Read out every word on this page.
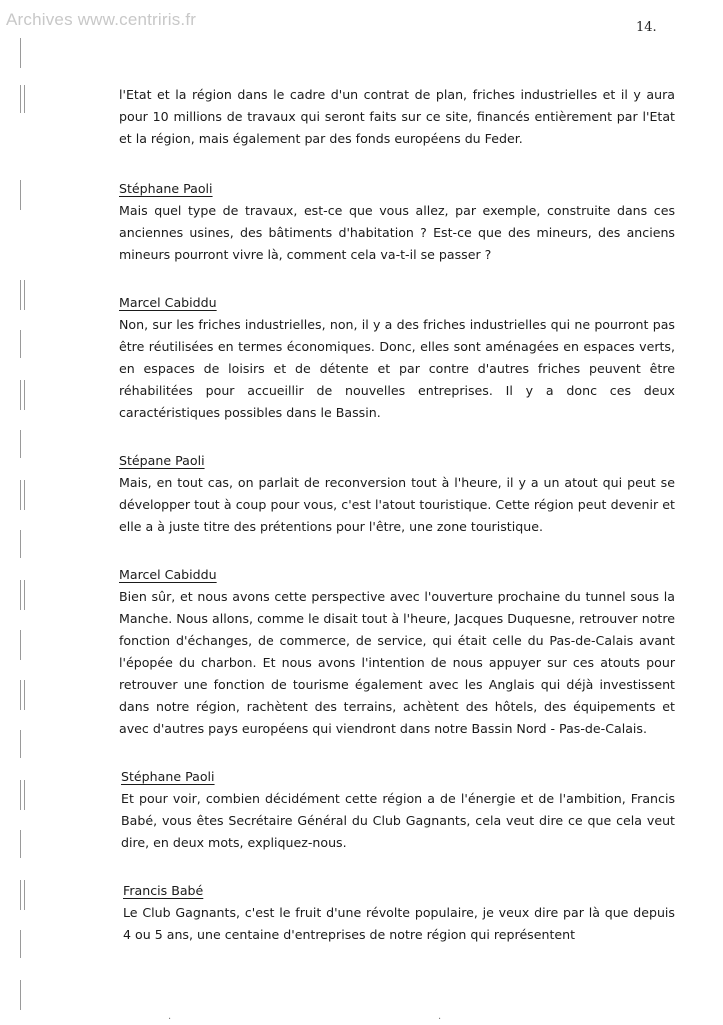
Archives www.centriris.fr	14.

l'Etat et la région dans le cadre d'un contrat de plan, friches industrielles et il y aura pour 10 millions de travaux qui seront faits sur ce site, financés entièrement par l'Etat et la région, mais également par des fonds européens du Feder.

Stéphane Paoli

Mais quel type de travaux, est-ce que vous allez, par exemple, construite dans ces anciennes usines, des bâtiments d'habitation ? Est-ce que des mineurs, des anciens mineurs pourront vivre là, comment cela va-t-il se passer ?

Marcel Cabiddu

Non, sur les friches industrielles, non, il y a des friches industrielles qui ne pourront pas être réutilisées en termes économiques. Donc, elles sont aménagées en espaces verts, en espaces de loisirs et de détente et par contre d'autres friches peuvent être réhabilitées pour accueillir de nouvelles entreprises. Il y a donc ces deux caractéristiques possibles dans le Bassin.

Stépane Paoli

Mais, en tout cas, on parlait de reconversion tout à l'heure, il y a un atout qui peut se développer tout à coup pour vous, c'est l'atout touristique. Cette région peut devenir et elle a à juste titre des prétentions pour l'être, une zone touristique.

Marcel Cabiddu

Bien sûr, et nous avons cette perspective avec l'ouverture prochaine du tunnel sous la Manche. Nous allons, comme le disait tout à l'heure, Jacques Duquesne, retrouver notre fonction d'échanges, de commerce, de service, qui était celle du Pas-de-Calais avant l'épopée du charbon. Et nous avons l'intention de nous appuyer sur ces atouts pour retrouver une fonction de tourisme également avec les Anglais qui déjà investissent dans notre région, rachètent des terrains, achètent des hôtels, des équipements et avec d'autres pays européens qui viendront dans notre Bassin Nord - Pas-de-Calais.

Stéphane Paoli

Et pour voir, combien décidément cette région a de l'énergie et de l'ambition, Francis Babé, vous êtes Secrétaire Général du Club Gagnants, cela veut dire ce que cela veut dire, en deux mots, expliquez-nous.

Francis Babé

Le Club Gagnants, c'est le fruit d'une révolte populaire, je veux dire par là que depuis 4 ou 5 ans, une centaine d'entreprises de notre région qui représentent

·	·
